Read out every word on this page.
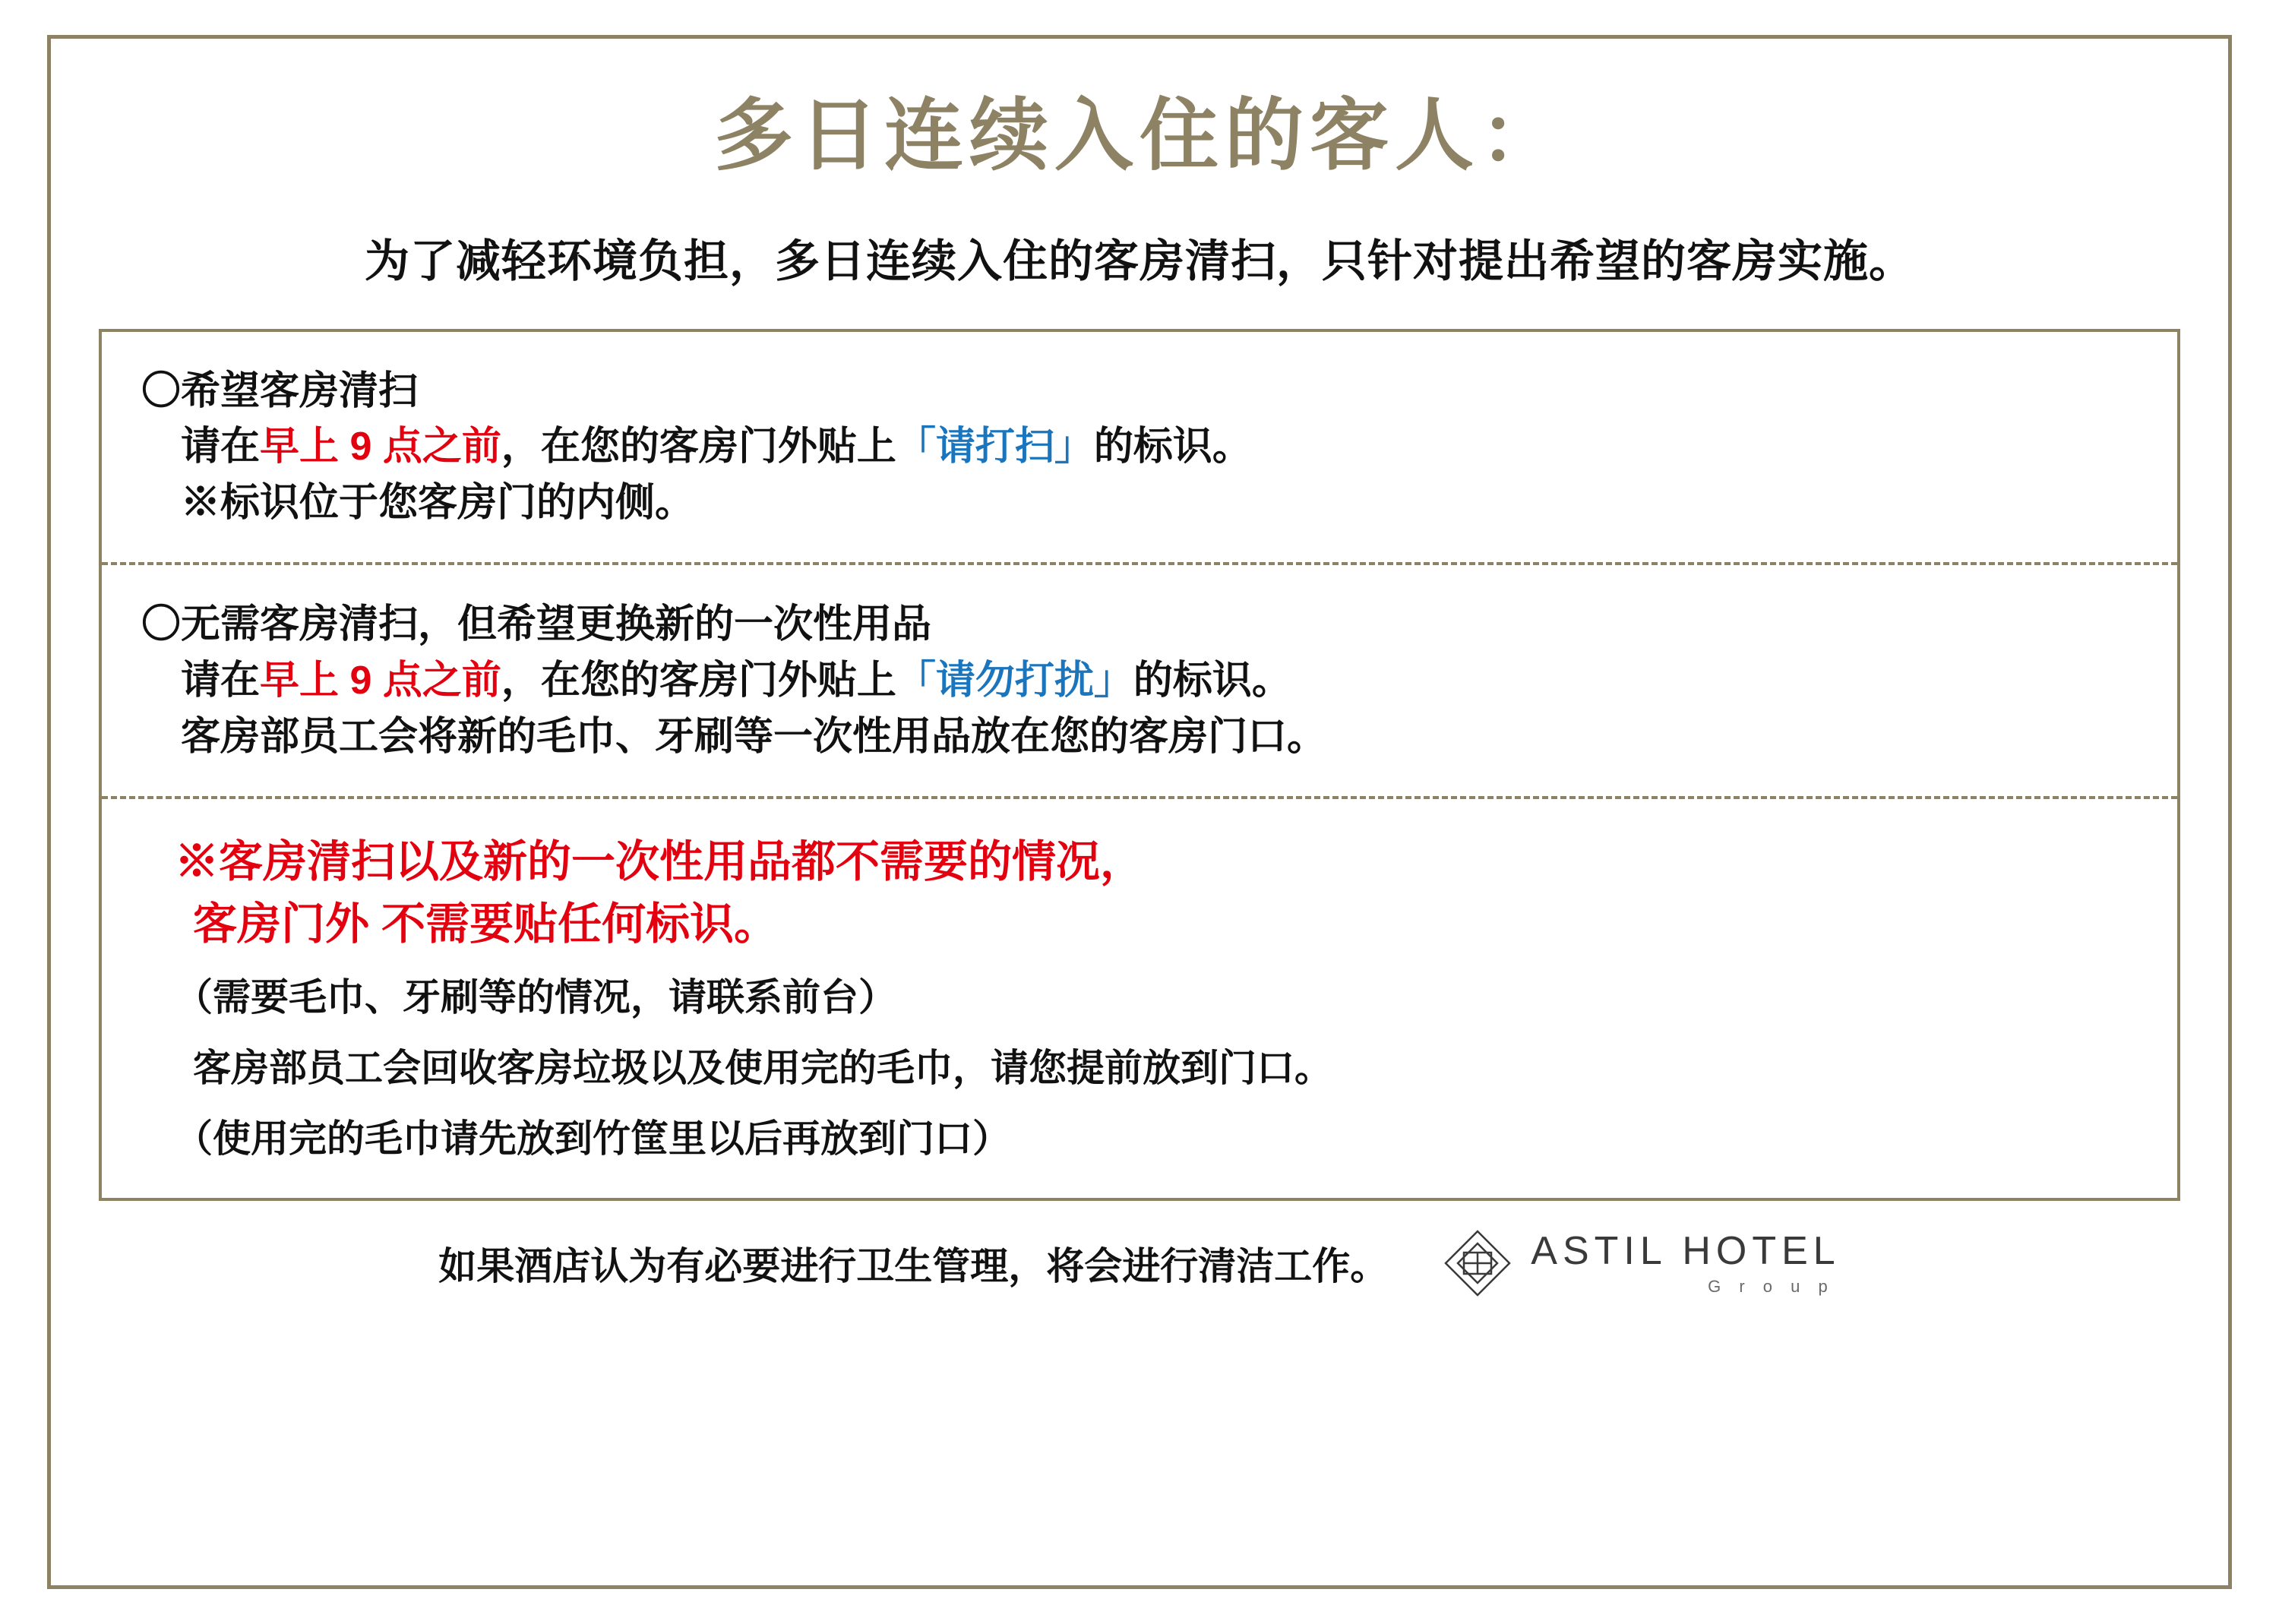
多日连续入住的客人：
为了减轻环境负担，多日连续入住的客房清扫，只针对提出希望的客房实施。
〇希望客房清扫
请在早上 9 点之前，在您的客房门外贴上「请打扫」的标识。
※标识位于您客房门的内侧。
〇无需客房清扫，但希望更换新的一次性用品
请在早上 9 点之前，在您的客房门外贴上「请勿打扰」的标识。
客房部员工会将新的毛巾、牙刷等一次性用品放在您的客房门口。
※客房清扫以及新的一次性用品都不需要的情况，
客房门外 不需要贴任何标识。
（需要毛巾、牙刷等的情况，请联系前台）
客房部员工会回收客房垃圾以及使用完的毛巾，请您提前放到门口。
（使用完的毛巾请先放到竹筐里以后再放到门口）
如果酒店认为有必要进行卫生管理，将会进行清洁工作。	ASTIL HOTEL
G r o u p
